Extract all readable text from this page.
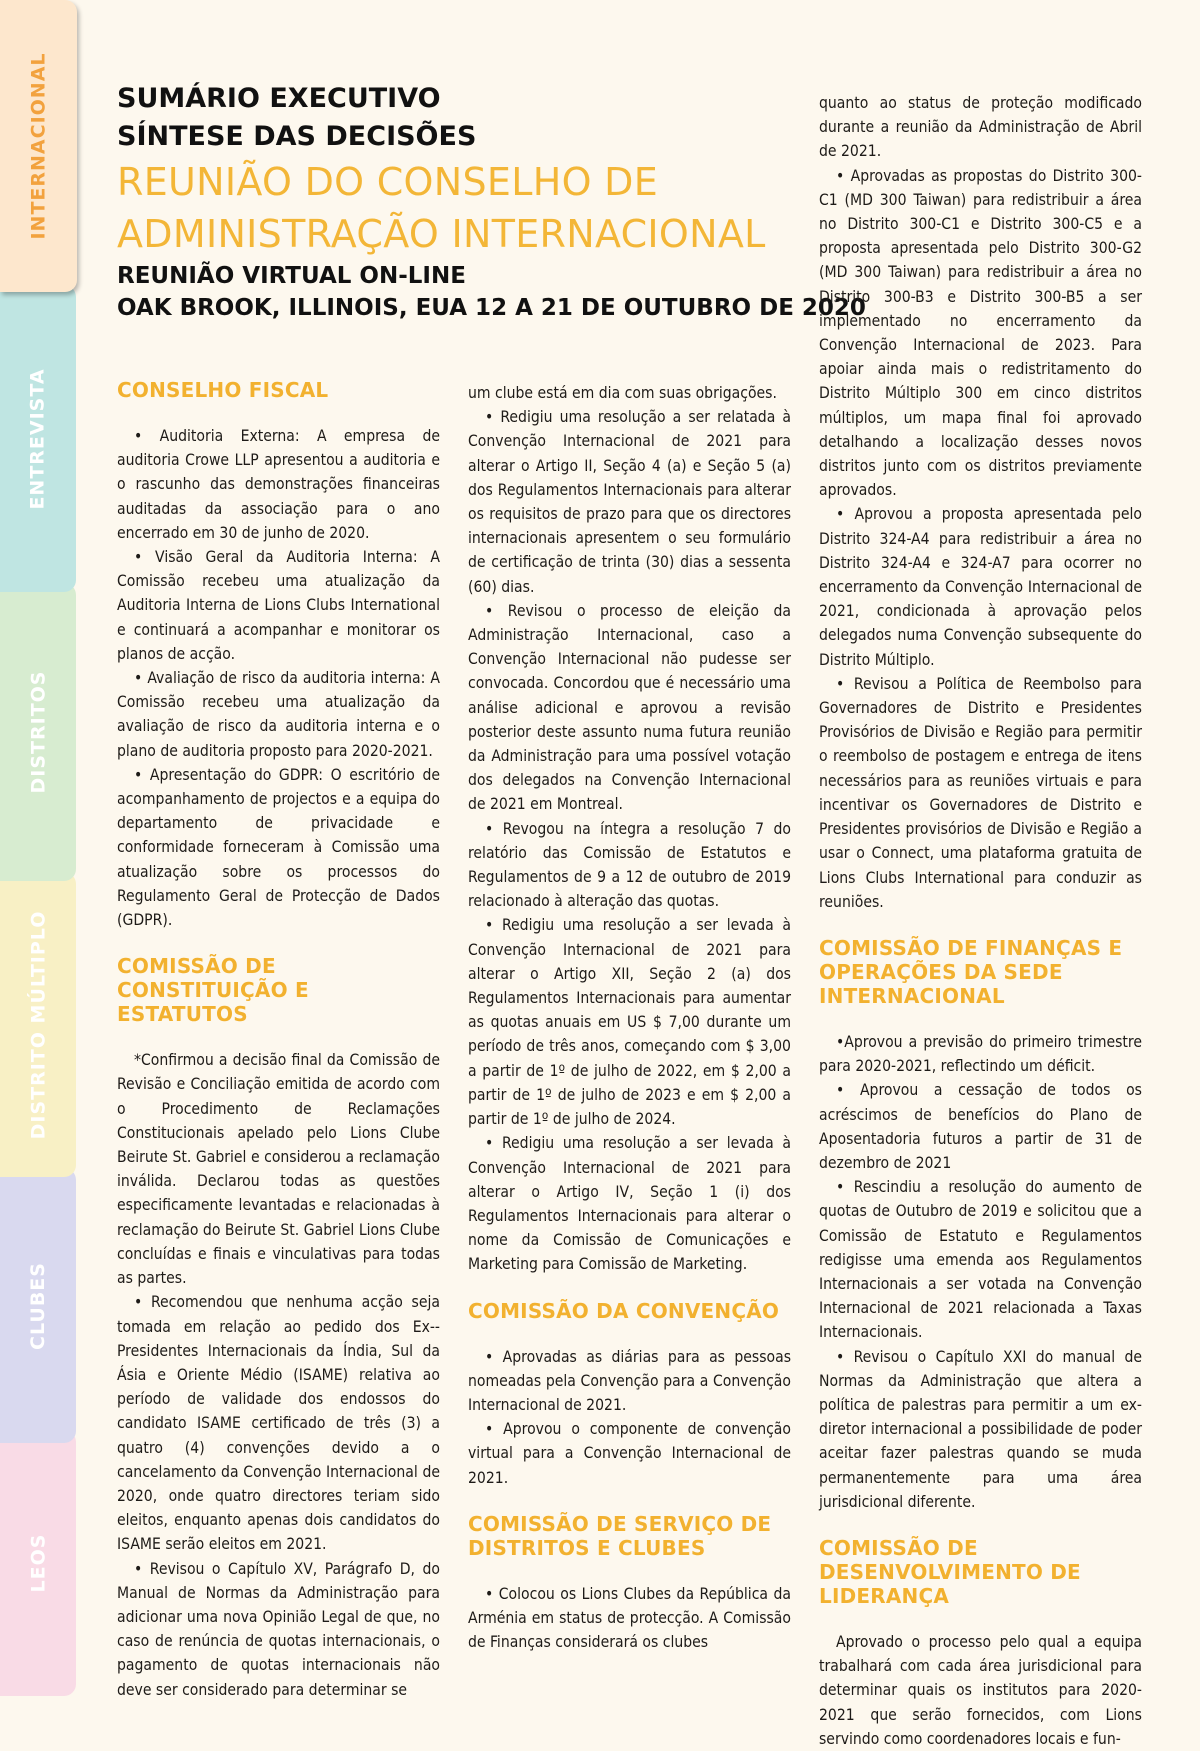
LEOS
CLUBES
DISTRITO MÚLTIPLO
DISTRITOS
ENTREVISTA
INTERNACIONAL	SUMÁRIO EXECUTIVO

SÍNTESE DAS DECISÕES

REUNIÃO DO CONSELHO DE

ADMINISTRAÇÃO INTERNACIONAL

REUNIÃO VIRTUAL ON-LINE

OAK BROOK, ILLINOIS, EUA 12 A 21 DE OUTUBRO DE 2020

CONSELHO FISCAL

• Auditoria Externa: A empresa de auditoria Crowe LLP apresentou a auditoria e o rascunho das demonstrações financeiras auditadas da associação para o ano encerrado em 30 de junho de 2020.

• Visão Geral da Auditoria Interna: A Comissão recebeu uma atualização da Auditoria Interna de Lions Clubs International e continuará a acompanhar e monitorar os planos de acção.

• Avaliação de risco da auditoria interna: A Comissão recebeu uma atualização da avaliação de risco da auditoria interna e o plano de auditoria proposto para 2020-2021.

• Apresentação do GDPR: O escritório de acompanhamento de projectos e a equipa do departamento de privacidade e conformidade forneceram à Comissão uma atualização sobre os processos do Regulamento Geral de Protecção de Dados (GDPR).

COMISSÃO DE CONSTITUIÇÃO E ESTATUTOS

*Confirmou a decisão final da Comissão de Revisão e Conciliação emitida de acordo com o Procedimento de Reclamações Constitucionais apelado pelo Lions Clube Beirute St. Gabriel e considerou a reclamação inválida. Declarou todas as questões especificamente levantadas e relacionadas à reclamação do Beirute St. Gabriel Lions Clube concluídas e finais e vinculativas para todas as partes.

• Recomendou que nenhuma acção seja tomada em relação ao pedido dos Ex--Presidentes Internacionais da Índia, Sul da Ásia e Oriente Médio (ISAME) relativa ao período de validade dos endossos do candidato ISAME certificado de três (3) a quatro (4) convenções devido a o cancelamento da Convenção Internacional de 2020, onde quatro directores teriam sido eleitos, enquanto apenas dois candidatos do ISAME serão eleitos em 2021.

• Revisou o Capítulo XV, Parágrafo D, do Manual de Normas da Administração para adicionar uma nova Opinião Legal de que, no caso de renúncia de quotas internacionais, o pagamento de quotas internacionais não deve ser considerado para determinar se

um clube está em dia com suas obrigações.

• Redigiu uma resolução a ser relatada à Convenção Internacional de 2021 para alterar o Artigo II, Seção 4 (a) e Seção 5 (a) dos Regulamentos Internacionais para alterar os requisitos de prazo para que os directores internacionais apresentem o seu formulário de certificação de trinta (30) dias a sessenta (60) dias.

• Revisou o processo de eleição da Administração Internacional, caso a Convenção Internacional não pudesse ser convocada. Concordou que é necessário uma análise adicional e aprovou a revisão posterior deste assunto numa futura reunião da Administração para uma possível votação dos delegados na Convenção Internacional de 2021 em Montreal.

• Revogou na íntegra a resolução 7 do relatório das Comissão de Estatutos e Regulamentos de 9 a 12 de outubro de 2019 relacionado à alteração das quotas.

• Redigiu uma resolução a ser levada à Convenção Internacional de 2021 para alterar o Artigo XII, Seção 2 (a) dos Regulamentos Internacionais para aumentar as quotas anuais em US $ 7,00 durante um período de três anos, começando com $ 3,00 a partir de 1º de julho de 2022, em $ 2,00 a partir de 1º de julho de 2023 e em $ 2,00 a partir de 1º de julho de 2024.

• Redigiu uma resolução a ser levada à Convenção Internacional de 2021 para alterar o Artigo IV, Seção 1 (i) dos Regulamentos Internacionais para alterar o nome da Comissão de Comunicações e Marketing para Comissão de Marketing.

COMISSÃO DA CONVENÇÃO

• Aprovadas as diárias para as pessoas nomeadas pela Convenção para a Convenção Internacional de 2021.

• Aprovou o componente de convenção virtual para a Convenção Internacional de 2021.

COMISSÃO DE SERVIÇO DE DISTRITOS E CLUBES

• Colocou os Lions Clubes da República da Arménia em status de protecção. A Comissão de Finanças considerará os clubes

quanto ao status de proteção modificado durante a reunião da Administração de Abril de 2021.

• Aprovadas as propostas do Distrito 300-C1 (MD 300 Taiwan) para redistribuir a área no Distrito 300-C1 e Distrito 300-C5 e a proposta apresentada pelo Distrito 300-G2 (MD 300 Taiwan) para redistribuir a área no Distrito 300-B3 e Distrito 300-B5 a ser implementado no encerramento da Convenção Internacional de 2023. Para apoiar ainda mais o redistritamento do Distrito Múltiplo 300 em cinco distritos múltiplos, um mapa final foi aprovado detalhando a localização desses novos distritos junto com os distritos previamente aprovados.

• Aprovou a proposta apresentada pelo Distrito 324-A4 para redistribuir a área no Distrito 324-A4 e 324-A7 para ocorrer no encerramento da Convenção Internacional de 2021, condicionada à aprovação pelos delegados numa Convenção subsequente do Distrito Múltiplo.

• Revisou a Política de Reembolso para Governadores de Distrito e Presidentes Provisórios de Divisão e Região para permitir o reembolso de postagem e entrega de itens necessários para as reuniões virtuais e para incentivar os Governadores de Distrito e Presidentes provisórios de Divisão e Região a usar o Connect, uma plataforma gratuita de Lions Clubs International para conduzir as reuniões.

COMISSÃO DE FINANÇAS E OPERAÇÕES DA SEDE INTERNACIONAL

•Aprovou a previsão do primeiro trimestre para 2020-2021, reflectindo um déficit.

• Aprovou a cessação de todos os acréscimos de benefícios do Plano de Aposentadoria futuros a partir de 31 de dezembro de 2021

• Rescindiu a resolução do aumento de quotas de Outubro de 2019 e solicitou que a Comissão de Estatuto e Regulamentos redigisse uma emenda aos Regulamentos Internacionais a ser votada na Convenção Internacional de 2021 relacionada a Taxas Internacionais.

• Revisou o Capítulo XXI do manual de Normas da Administração que altera a política de palestras para permitir a um ex-diretor internacional a possibilidade de poder aceitar fazer palestras quando se muda permanentemente para uma área jurisdicional diferente.

COMISSÃO DE DESENVOLVIMENTO DE LIDERANÇA

Aprovado o processo pelo qual a equipa trabalhará com cada área jurisdicional para determinar quais os institutos para 2020-2021 que serão fornecidos, com Lions servindo como coordenadores locais e fun-
